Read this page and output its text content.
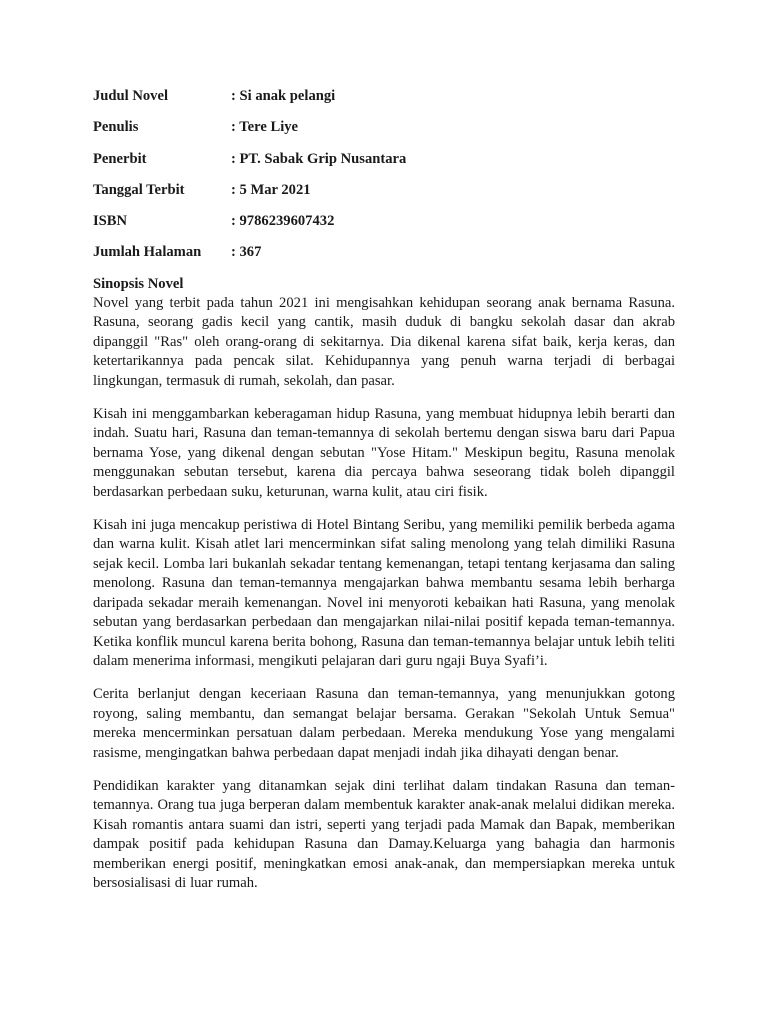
Judul Novel	: Si anak pelangi
Penulis	: Tere Liye
Penerbit	: PT. Sabak Grip Nusantara
Tanggal Terbit	: 5 Mar 2021
ISBN	: 9786239607432
Jumlah Halaman	: 367
Sinopsis Novel

Novel yang terbit pada tahun 2021 ini mengisahkan kehidupan seorang anak bernama Rasuna. Rasuna, seorang gadis kecil yang cantik, masih duduk di bangku sekolah dasar dan akrab dipanggil "Ras" oleh orang-orang di sekitarnya. Dia dikenal karena sifat baik, kerja keras, dan ketertarikannya pada pencak silat. Kehidupannya yang penuh warna terjadi di berbagai lingkungan, termasuk di rumah, sekolah, dan pasar.

Kisah ini menggambarkan keberagaman hidup Rasuna, yang membuat hidupnya lebih berarti dan indah. Suatu hari, Rasuna dan teman-temannya di sekolah bertemu dengan siswa baru dari Papua bernama Yose, yang dikenal dengan sebutan "Yose Hitam." Meskipun begitu, Rasuna menolak menggunakan sebutan tersebut, karena dia percaya bahwa seseorang tidak boleh dipanggil berdasarkan perbedaan suku, keturunan, warna kulit, atau ciri fisik.

Kisah ini juga mencakup peristiwa di Hotel Bintang Seribu, yang memiliki pemilik berbeda agama dan warna kulit. Kisah atlet lari mencerminkan sifat saling menolong yang telah dimiliki Rasuna sejak kecil. Lomba lari bukanlah sekadar tentang kemenangan, tetapi tentang kerjasama dan saling menolong. Rasuna dan teman-temannya mengajarkan bahwa membantu sesama lebih berharga daripada sekadar meraih kemenangan. Novel ini menyoroti kebaikan hati Rasuna, yang menolak sebutan yang berdasarkan perbedaan dan mengajarkan nilai-nilai positif kepada teman-temannya. Ketika konflik muncul karena berita bohong, Rasuna dan teman-temannya belajar untuk lebih teliti dalam menerima informasi, mengikuti pelajaran dari guru ngaji Buya Syafi’i.

Cerita berlanjut dengan keceriaan Rasuna dan teman-temannya, yang menunjukkan gotong royong, saling membantu, dan semangat belajar bersama. Gerakan "Sekolah Untuk Semua" mereka mencerminkan persatuan dalam perbedaan. Mereka mendukung Yose yang mengalami rasisme, mengingatkan bahwa perbedaan dapat menjadi indah jika dihayati dengan benar.

Pendidikan karakter yang ditanamkan sejak dini terlihat dalam tindakan Rasuna dan teman-temannya. Orang tua juga berperan dalam membentuk karakter anak-anak melalui didikan mereka. Kisah romantis antara suami dan istri, seperti yang terjadi pada Mamak dan Bapak, memberikan dampak positif pada kehidupan Rasuna dan Damay.Keluarga yang bahagia dan harmonis memberikan energi positif, meningkatkan emosi anak-anak, dan mempersiapkan mereka untuk bersosialisasi di luar rumah.
